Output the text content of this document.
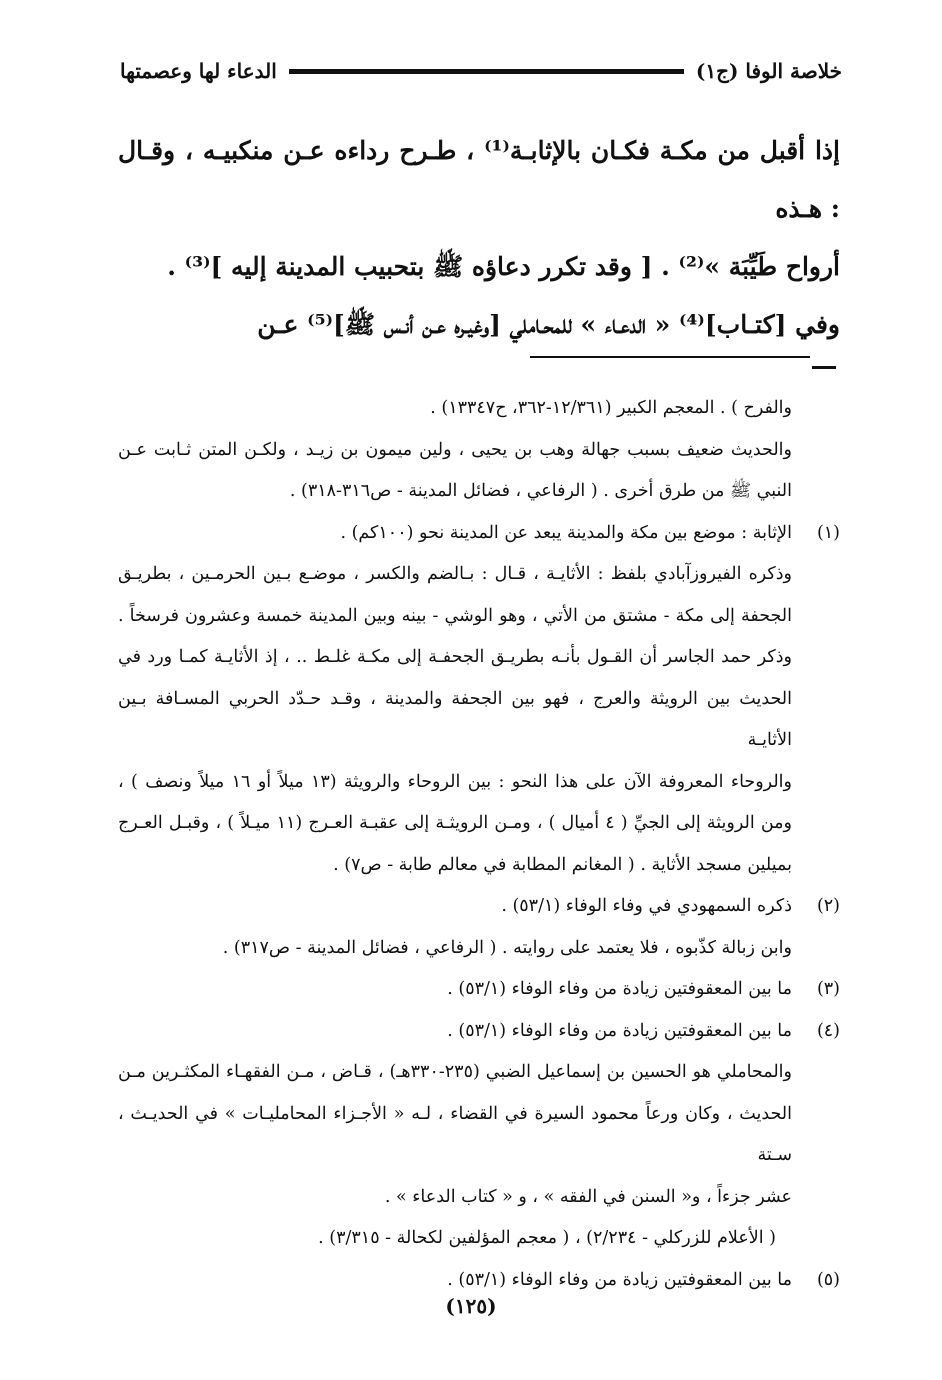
خلاصة الوفا (ج١)
الدعاء لها وعصمتها

إذا أقبل من مكـة فكـان بالإثابـة⁽¹⁾ ، طـرح رداءه عـن منكبيـه ، وقـال : هـذه

أرواح طَيِّبَة »⁽²⁾ . [ وقد تكرر دعاؤه ﷺ بتحبيب المدينة إليه ]⁽³⁾ .

وفي [كتـاب]⁽⁴⁾ « الدعـاء » للمحـاملي [وغيـره عـن أنـس ﷺ]⁽⁵⁾ عـن

والفرح ) . المعجم الكبير (١٢/٣٦١-٣٦٢، ح١٣٣٤٧) .

والحديث ضعيف بسبب جهالة وهب بن يحيى ، ولين ميمون بن زيـد ، ولكـن المتن ثـابت عـن

النبي ﷺ من طرق أخرى . ( الرفاعي ، فضائل المدينة - ص٣١٦-٣١٨) .

(١)
الإثابة : موضع بين مكة والمدينة يبعد عن المدينة نحو (١٠٠كم) .

وذكره الفيروزآبادي بلفظ : الأثايـة ، قـال : بـالضم والكسر ، موضـع بـين الحرمـين ، بطريـق

الجحفة إلى مكة - مشتق من الأتي ، وهو الوشي - بينه وبين المدينة خمسة وعشرون فرسخاً .

وذكر حمد الجاسر أن القـول بأنـه بطريـق الجحفـة إلى مكـة غلـط .. ، إذ الأثايـة كمـا ورد في

الحديث بين الرويثة والعرج ، فهو بين الجحفة والمدينة ، وقـد حـدّد الحربي المسـافة بـين الأثايـة

والروحاء المعروفة الآن على هذا النحو : بين الروحاء والرويثة (١٣ ميلاً أو ١٦ ميلاً ونصف ) ،

ومن الرويثة إلى الجيِّ ( ٤ أميال ) ، ومـن الرويثـة إلى عقبـة العـرج (١١ ميـلاً ) ، وقبـل العـرج

بميلين مسجد الأثاية . ( المغانم المطابة في معالم طابة - ص٧) .

(٢)
ذكره السمهودي في وفاء الوفاء (٥٣/١) .

وابن زبالة كذّبوه ، فلا يعتمد على روايته . ( الرفاعي ، فضائل المدينة - ص٣١٧) .

(٣)
ما بين المعقوفتين زيادة من وفاء الوفاء (٥٣/١) .

(٤)
ما بين المعقوفتين زيادة من وفاء الوفاء (٥٣/١) .

والمحاملي هو الحسين بن إسماعيل الضبي (٢٣٥-٣٣٠هـ) ، قـاض ، مـن الفقهـاء المكثـرين مـن

الحديث ، وكان ورعاً محمود السيرة في القضاء ، لـه « الأجـزاء المحامليـات » في الحديـث ، سـتة

عشر جزءاً ، و« السنن في الفقه » ، و « كتاب الدعاء » .

( الأعلام للزركلي - ٢/٢٣٤) ، ( معجم المؤلفين لكحالة - ٣/٣١٥) .

(٥)
ما بين المعقوفتين زيادة من وفاء الوفاء (٥٣/١) .

(١٢٥)
